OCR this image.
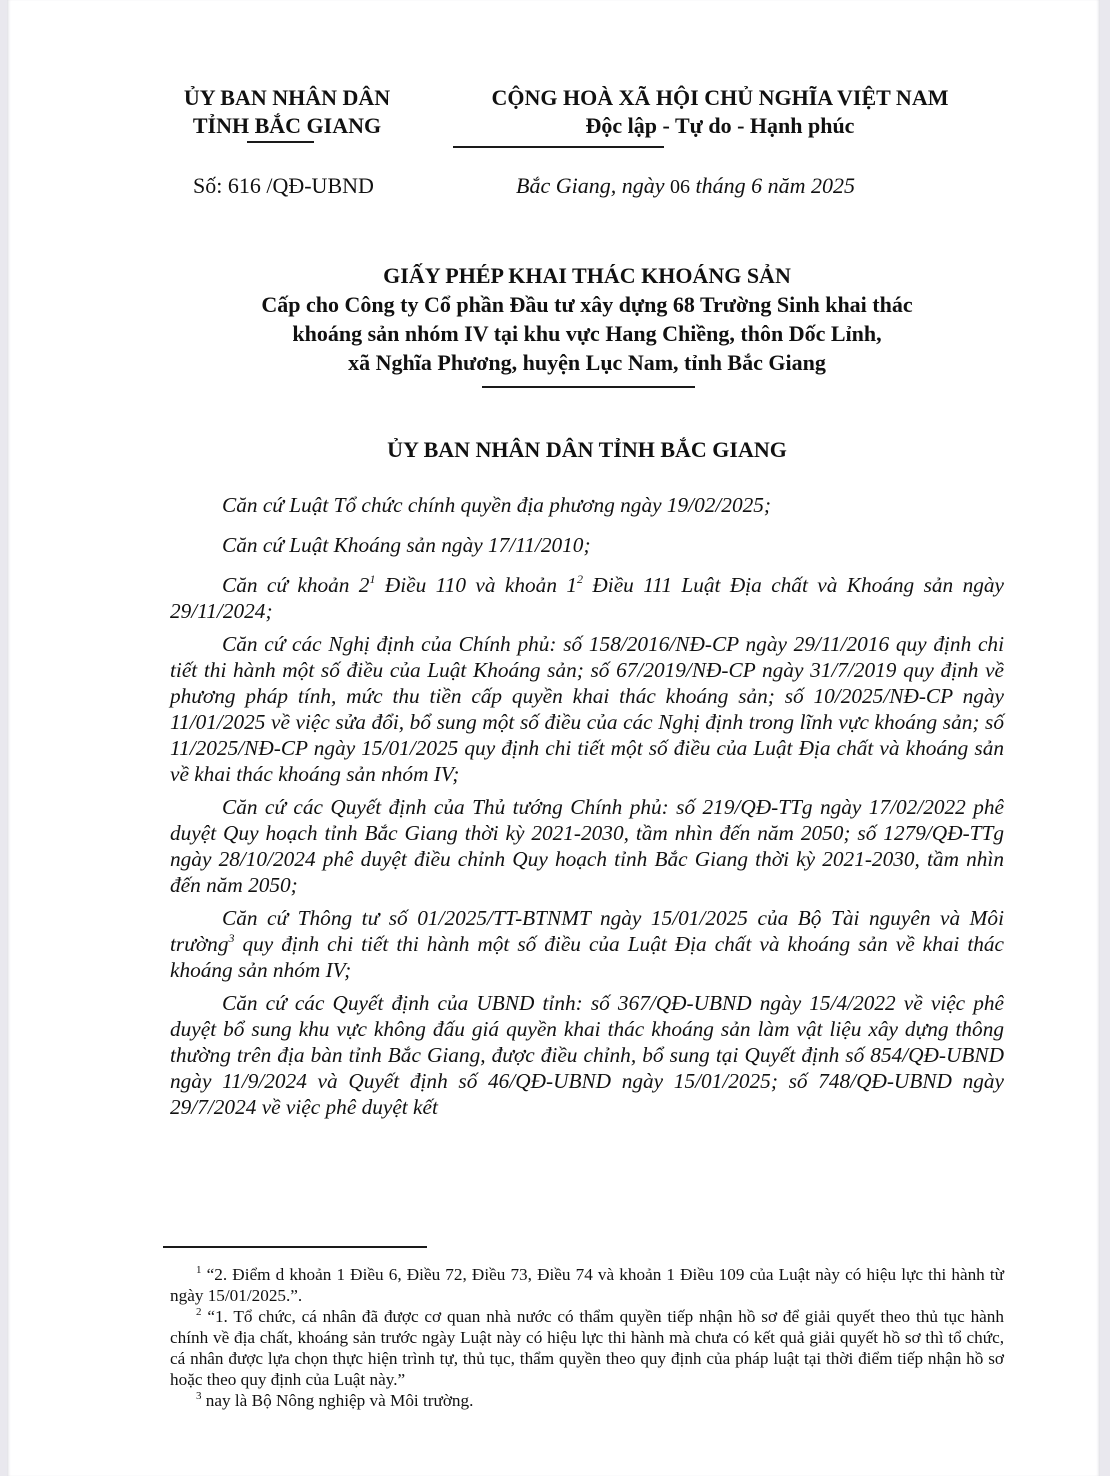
ỦY BAN NHÂN DÂN
TỈNH BẮC GIANG
CỘNG HOÀ XÃ HỘI CHỦ NGHĨA VIỆT NAM
Độc lập - Tự do - Hạnh phúc
Số: 616 /QĐ-UBND	Bắc Giang, ngày 06 tháng 6 năm 2025
GIẤY PHÉP KHAI THÁC KHOÁNG SẢN
Cấp cho Công ty Cổ phần Đầu tư xây dựng 68 Trường Sinh khai thác
khoáng sản nhóm IV tại khu vực Hang Chiềng, thôn Dốc Lỉnh,
xã Nghĩa Phương, huyện Lục Nam, tỉnh Bắc Giang
ỦY BAN NHÂN DÂN TỈNH BẮC GIANG

Căn cứ Luật Tổ chức chính quyền địa phương ngày 19/02/2025;

Căn cứ Luật Khoáng sản ngày 17/11/2010;

Căn cứ khoản $2^1$ Điều 110 và khoản $1^2$ Điều 111 Luật Địa chất và Khoáng sản ngày 29/11/2024;

Căn cứ các Nghị định của Chính phủ: số 158/2016/NĐ-CP ngày 29/11/2016 quy định chi tiết thi hành một số điều của Luật Khoáng sản; số 67/2019/NĐ-CP ngày 31/7/2019 quy định về phương pháp tính, mức thu tiền cấp quyền khai thác khoáng sản; số 10/2025/NĐ-CP ngày 11/01/2025 về việc sửa đổi, bổ sung một số điều của các Nghị định trong lĩnh vực khoáng sản; số 11/2025/NĐ-CP ngày 15/01/2025 quy định chi tiết một số điều của Luật Địa chất và khoáng sản về khai thác khoáng sản nhóm IV;

Căn cứ các Quyết định của Thủ tướng Chính phủ: số 219/QĐ-TTg ngày 17/02/2022 phê duyệt Quy hoạch tỉnh Bắc Giang thời kỳ 2021-2030, tầm nhìn đến năm 2050; số 1279/QĐ-TTg ngày 28/10/2024 phê duyệt điều chỉnh Quy hoạch tỉnh Bắc Giang thời kỳ 2021-2030, tầm nhìn đến năm 2050;

Căn cứ Thông tư số 01/2025/TT-BTNMT ngày 15/01/2025 của Bộ Tài nguyên và Môi trường$^3$ quy định chi tiết thi hành một số điều của Luật Địa chất và khoáng sản về khai thác khoáng sản nhóm IV;

Căn cứ các Quyết định của UBND tỉnh: số 367/QĐ-UBND ngày 15/4/2022 về việc phê duyệt bổ sung khu vực không đấu giá quyền khai thác khoáng sản làm vật liệu xây dựng thông thường trên địa bàn tỉnh Bắc Giang, được điều chỉnh, bổ sung tại Quyết định số 854/QĐ-UBND ngày 11/9/2024 và Quyết định số 46/QĐ-UBND ngày 15/01/2025; số 748/QĐ-UBND ngày 29/7/2024 về việc phê duyệt kết

$^1$ “2. Điểm d khoản 1 Điều 6, Điều 72, Điều 73, Điều 74 và khoản 1 Điều 109 của Luật này có hiệu lực thi hành từ ngày 15/01/2025.”.

$^2$ “1. Tổ chức, cá nhân đã được cơ quan nhà nước có thẩm quyền tiếp nhận hồ sơ để giải quyết theo thủ tục hành chính về địa chất, khoáng sản trước ngày Luật này có hiệu lực thi hành mà chưa có kết quả giải quyết hồ sơ thì tổ chức, cá nhân được lựa chọn thực hiện trình tự, thủ tục, thẩm quyền theo quy định của pháp luật tại thời điểm tiếp nhận hồ sơ hoặc theo quy định của Luật này.”

$^3$ nay là Bộ Nông nghiệp và Môi trường.
